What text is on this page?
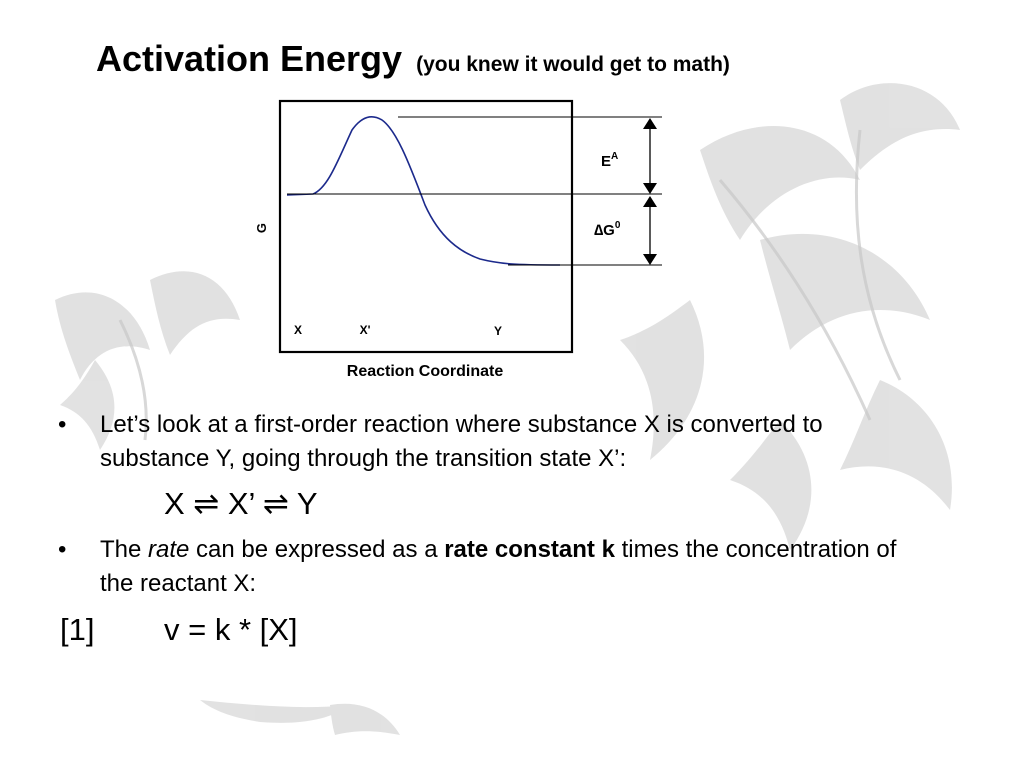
Activation Energy (you knew it would get to math)
$E^A$
$\Delta G^0$
G
X	X'	Y
Reaction Coordinate
• Let’s look at a first-order reaction where substance X is converted to substance Y, going through the transition state X’:
X ⇌ X’ ⇌ Y
• The rate can be expressed as a rate constant k times the concentration of the reactant X:
[1] v = k * [X]
